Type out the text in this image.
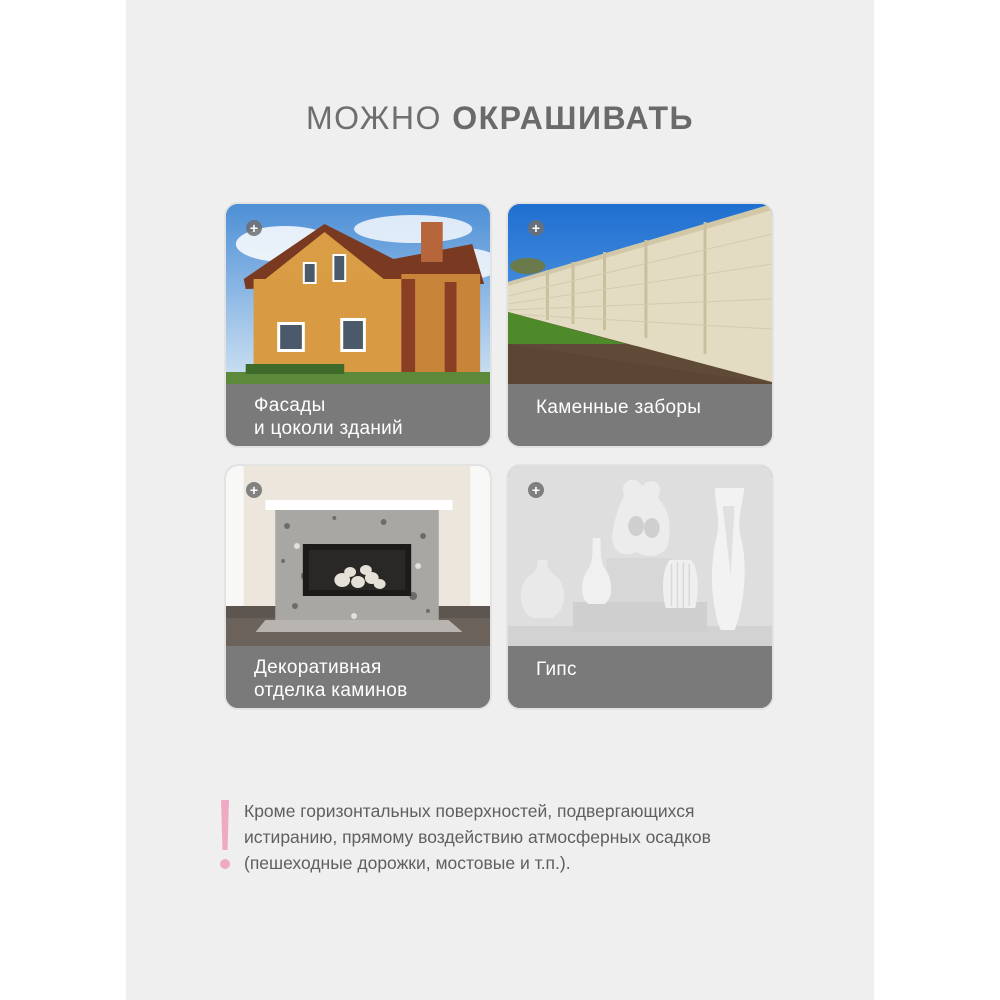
МОЖНО ОКРАШИВАТЬ
+
Фасады
и цоколи зданий
+
Каменные заборы
+
Декоративная
отделка каминов
+
Гипс
Кроме горизонтальных поверхностей, подвергающихся
истиранию, прямому воздействию атмосферных осадков
(пешеходные дорожки, мостовые и т.п.).
